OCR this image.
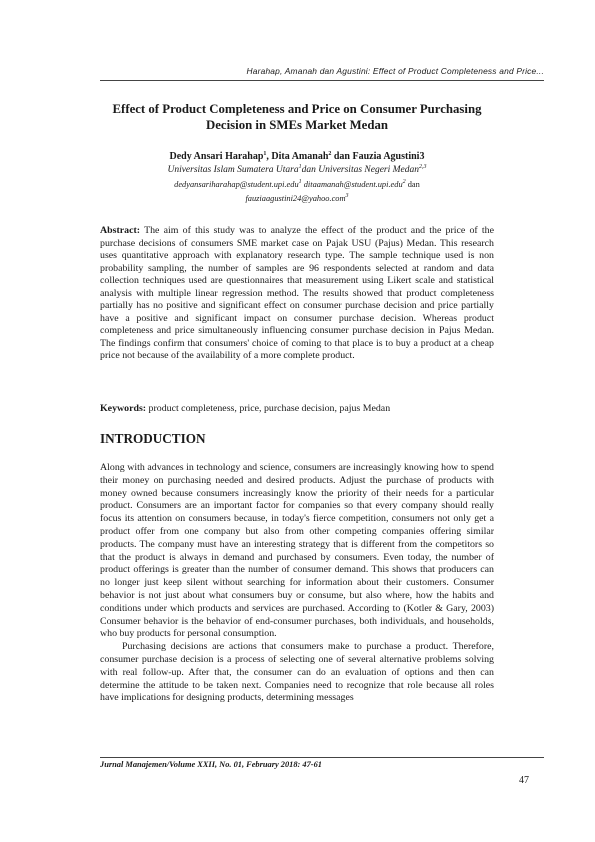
Harahap, Amanah dan Agustini: Effect of Product Completeness and Price...
Effect of Product Completeness and Price on Consumer Purchasing Decision in SMEs Market Medan
Dedy Ansari Harahap$^1$, Dita Amanah$^2$ dan Fauzia Agustini3
Universitas Islam Sumatera Utara$^1$dan Universitas Negeri Medan$^{2,3}$
dedyansariharahap@student.upi.edu$^1$ ditaamanah@student.upi.edu$^2$ dan
fauziaagustini24@yahoo.com$^3$

Abstract: The aim of this study was to analyze the effect of the product and the price of the purchase decisions of consumers SME market case on Pajak USU (Pajus) Medan. This research uses quantitative approach with explanatory research type. The sample technique used is non probability sampling, the number of samples are 96 respondents selected at random and data collection techniques used are questionnaires that measurement using Likert scale and statistical analysis with multiple linear regression method. The results showed that product completeness partially has no positive and significant effect on consumer purchase decision and price partially have a positive and significant impact on consumer purchase decision. Whereas product completeness and price simultaneously influencing consumer purchase decision in Pajus Medan. The findings confirm that consumers' choice of coming to that place is to buy a product at a cheap price not because of the availability of a more complete product.

Keywords: product completeness, price, purchase decision, pajus Medan

INTRODUCTION

Along with advances in technology and science, consumers are increasingly knowing how to spend their money on purchasing needed and desired products. Adjust the purchase of products with money owned because consumers increasingly know the priority of their needs for a particular product. Consumers are an important factor for companies so that every company should really focus its attention on consumers because, in today's fierce competition, consumers not only get a product offer from one company but also from other competing companies offering similar products. The company must have an interesting strategy that is different from the competitors so that the product is always in demand and purchased by consumers. Even today, the number of product offerings is greater than the number of consumer demand. This shows that producers can no longer just keep silent without searching for information about their customers. Consumer behavior is not just about what consumers buy or consume, but also where, how the habits and conditions under which products and services are purchased. According to (Kotler & Gary, 2003) Consumer behavior is the behavior of end-consumer purchases, both individuals, and households, who buy products for personal consumption.

Purchasing decisions are actions that consumers make to purchase a product. Therefore, consumer purchase decision is a process of selecting one of several alternative problems solving with real follow-up. After that, the consumer can do an evaluation of options and then can determine the attitude to be taken next. Companies need to recognize that role because all roles have implications for designing products, determining messages

Jurnal Manajemen/Volume XXII, No. 01, February 2018: 47-61
47
